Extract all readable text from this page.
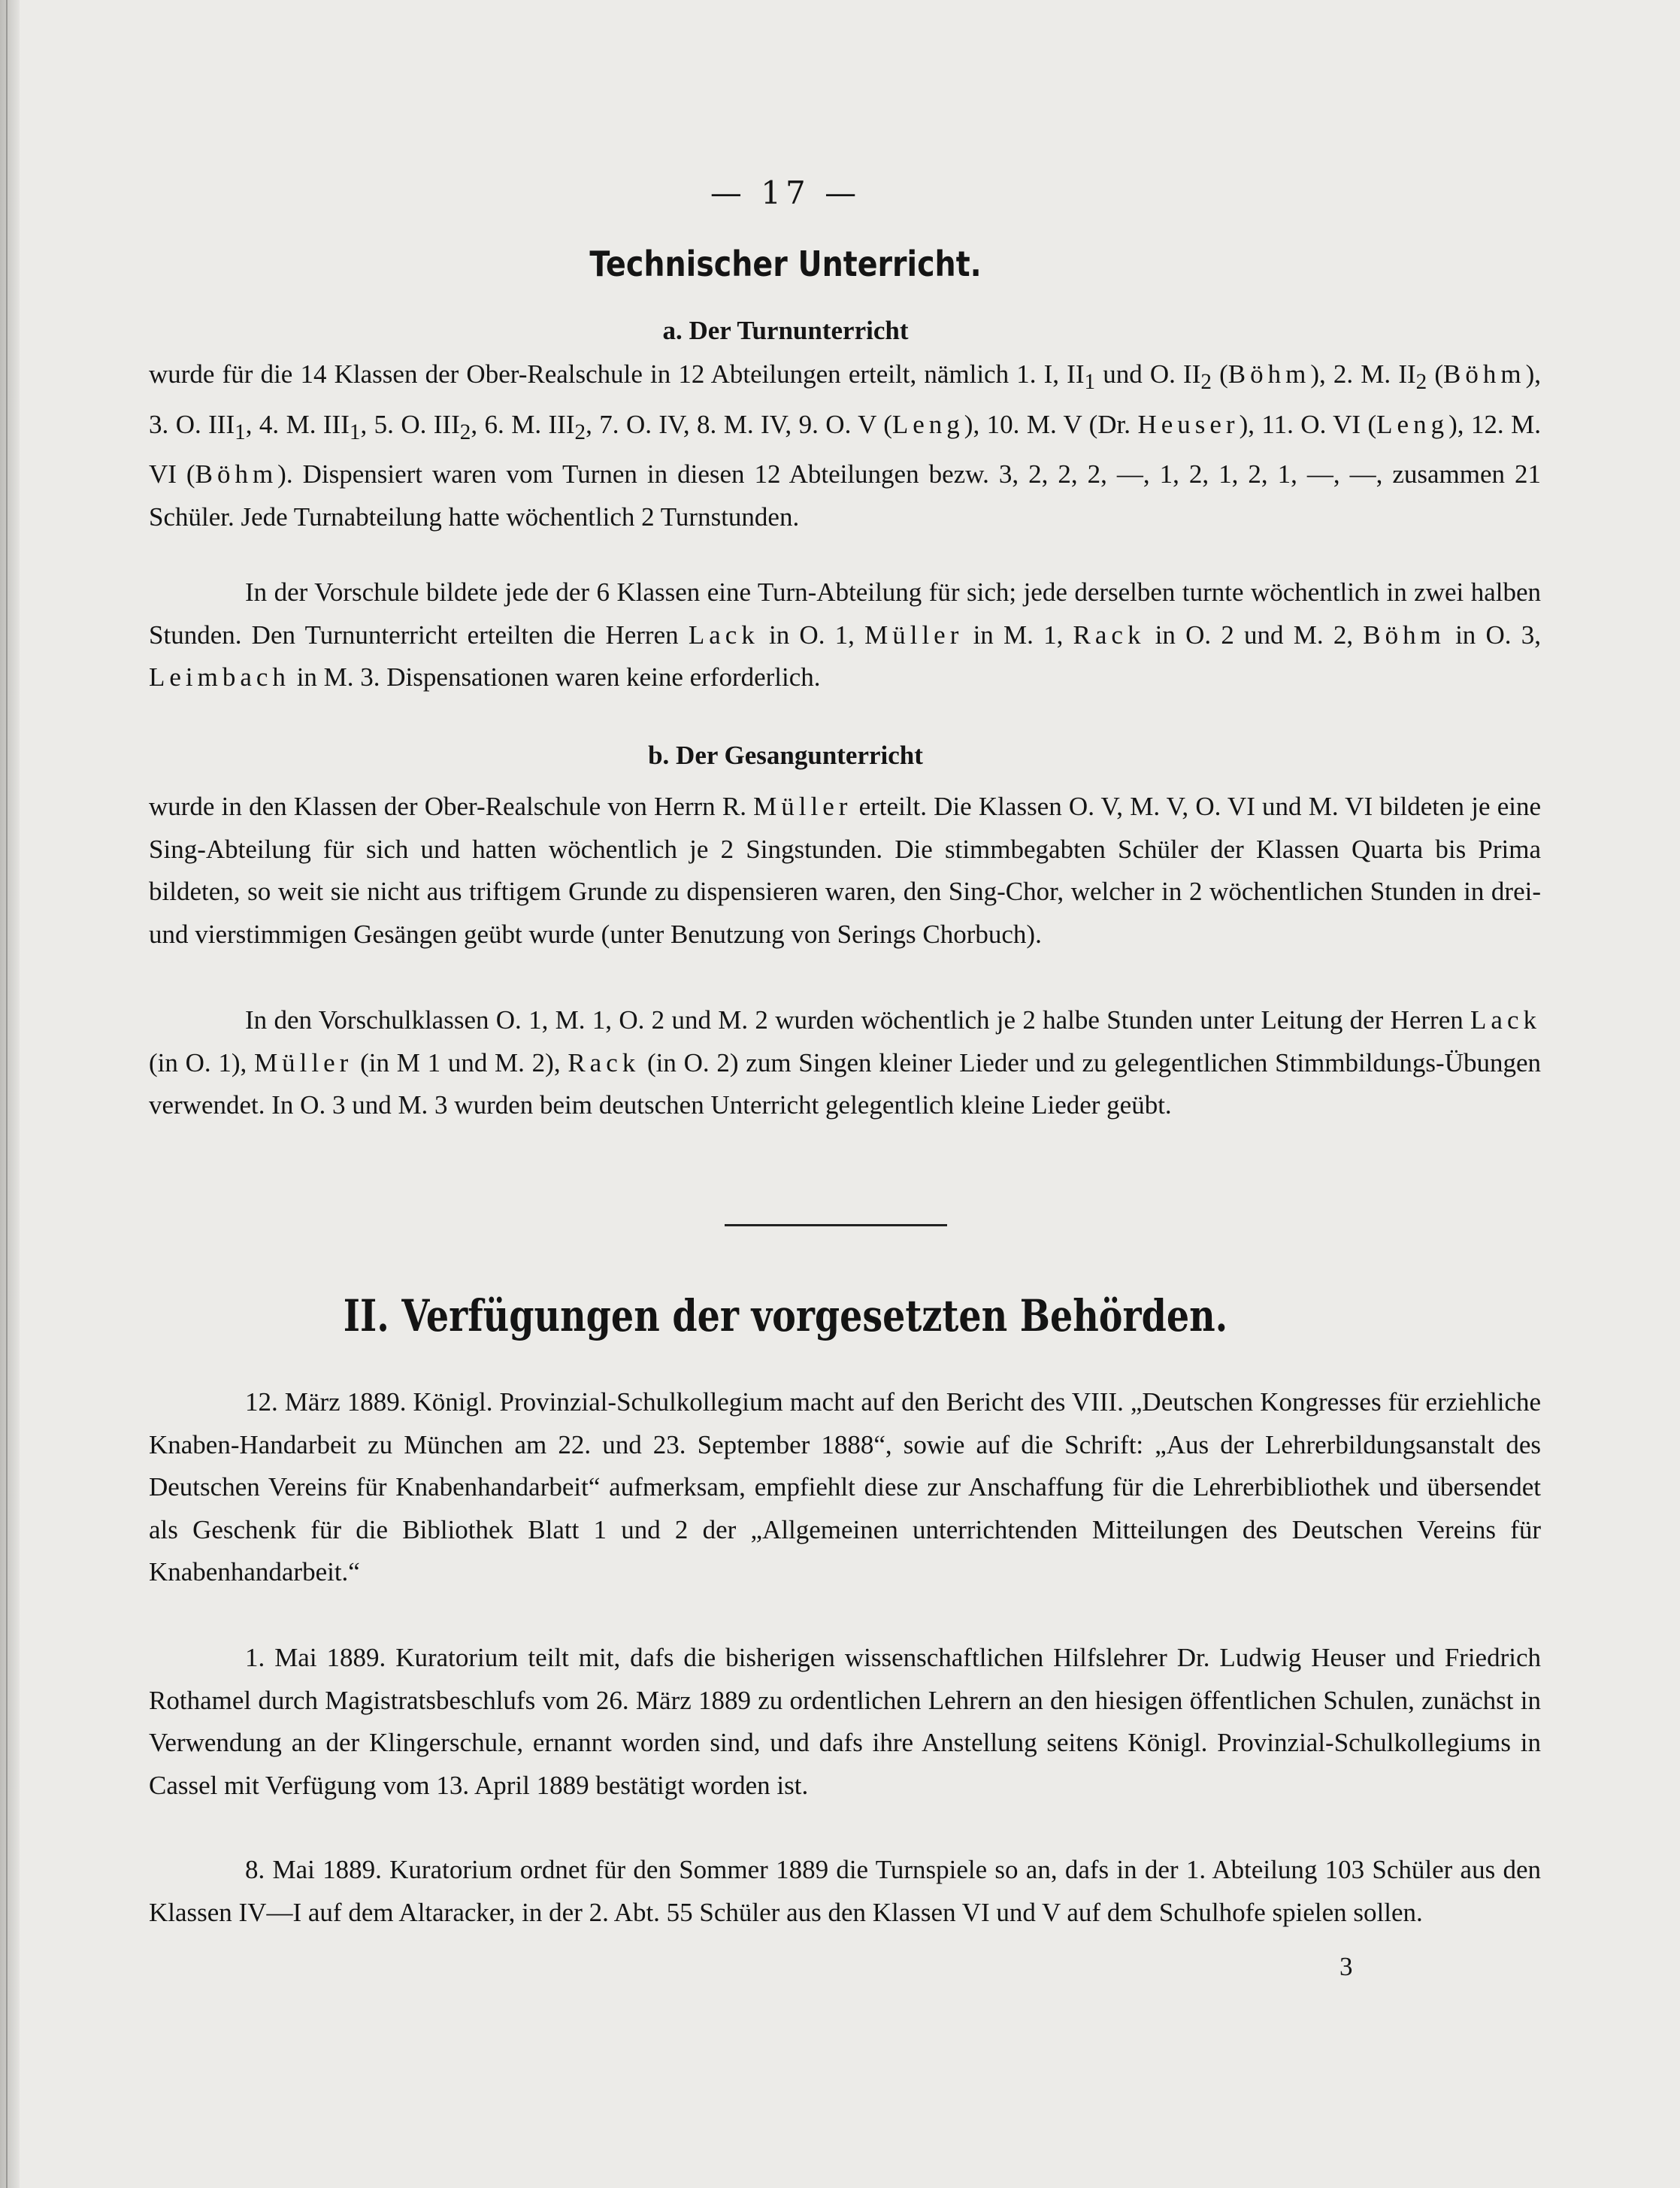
— 17 —
Technischer Unterricht.
a. Der Turnunterricht
wurde für die 14 Klassen der Ober-Realschule in 12 Abteilungen erteilt, nämlich 1. I, $II_1$ und O. $II_2$ (Böhm), 2. M. $II_2$ (Böhm), 3. O. $III_1$, 4. M. $III_1$, 5. O. $III_2$, 6. M. $III_2$, 7. O. IV, 8. M. IV, 9. O. V (Leng), 10. M. V (Dr. Heuser), 11. O. VI (Leng), 12. M. VI (Böhm). Dispensiert waren vom Turnen in diesen 12 Abteilungen bezw. 3, 2, 2, 2, —, 1, 2, 1, 2, 1, —, —, zusammen 21 Schüler. Jede Turnabteilung hatte wöchentlich 2 Turnstunden.
In der Vorschule bildete jede der 6 Klassen eine Turn-Abteilung für sich; jede derselben turnte wöchentlich in zwei halben Stunden. Den Turnunterricht erteilten die Herren Lack in O. 1, Müller in M. 1, Rack in O. 2 und M. 2, Böhm in O. 3, Leimbach in M. 3. Dispensationen waren keine erforderlich.
b. Der Gesangunterricht
wurde in den Klassen der Ober-Realschule von Herrn R. Müller erteilt. Die Klassen O. V, M. V, O. VI und M. VI bildeten je eine Sing-Abteilung für sich und hatten wöchentlich je 2 Singstunden. Die stimmbegabten Schüler der Klassen Quarta bis Prima bildeten, so weit sie nicht aus triftigem Grunde zu dispensieren waren, den Sing-Chor, welcher in 2 wöchentlichen Stunden in drei- und vierstimmigen Gesängen geübt wurde (unter Benutzung von Serings Chorbuch).
In den Vorschulklassen O. 1, M. 1, O. 2 und M. 2 wurden wöchentlich je 2 halbe Stunden unter Leitung der Herren Lack (in O. 1), Müller (in M 1 und M. 2), Rack (in O. 2) zum Singen kleiner Lieder und zu gelegentlichen Stimmbildungs-Übungen verwendet. In O. 3 und M. 3 wurden beim deutschen Unterricht gelegentlich kleine Lieder geübt.
II. Verfügungen der vorgesetzten Behörden.
12. März 1889. Königl. Provinzial-Schulkollegium macht auf den Bericht des VIII. „Deutschen Kongresses für erziehliche Knaben-Handarbeit zu München am 22. und 23. September 1888“, sowie auf die Schrift: „Aus der Lehrerbildungsanstalt des Deutschen Vereins für Knabenhandarbeit“ aufmerksam, empfiehlt diese zur Anschaffung für die Lehrerbibliothek und übersendet als Geschenk für die Bibliothek Blatt 1 und 2 der „Allgemeinen unterrichtenden Mitteilungen des Deutschen Vereins für Knabenhandarbeit.“
1. Mai 1889. Kuratorium teilt mit, dafs die bisherigen wissenschaftlichen Hilfslehrer Dr. Ludwig Heuser und Friedrich Rothamel durch Magistratsbeschlufs vom 26. März 1889 zu ordentlichen Lehrern an den hiesigen öffentlichen Schulen, zunächst in Verwendung an der Klingerschule, ernannt worden sind, und dafs ihre Anstellung seitens Königl. Provinzial-Schulkollegiums in Cassel mit Verfügung vom 13. April 1889 bestätigt worden ist.
8. Mai 1889. Kuratorium ordnet für den Sommer 1889 die Turnspiele so an, dafs in der 1. Abteilung 103 Schüler aus den Klassen IV—I auf dem Altaracker, in der 2. Abt. 55 Schüler aus den Klassen VI und V auf dem Schulhofe spielen sollen.
3
